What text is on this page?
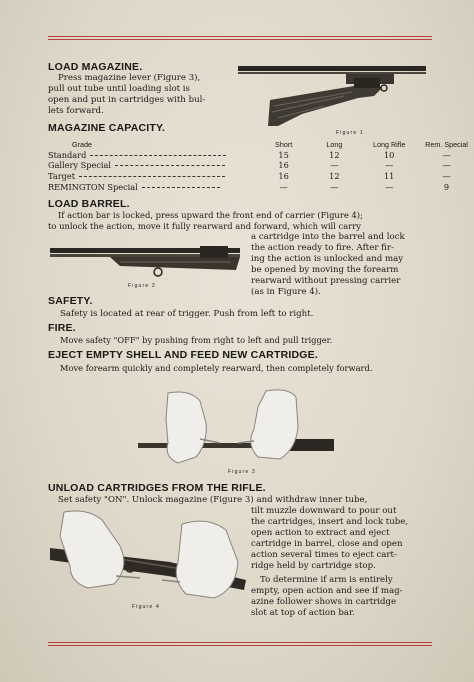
LOAD MAGAZINE.
Press magazine lever (Figure 3),
pull out tube until loading slot is
open and put in cartridges with bul-
lets forward.
Figure 1
MAGAZINE CAPACITY.
Grade	Short	Long	Long Rifle	Rem. Special
Standard	15	12	10	—
Gallery Special	16	—	—	—
Target	16	12	11	—
REMINGTON Special	—	—	—	9
LOAD BARREL.
If action bar is locked, press upward the front end of carrier (Figure 4);
to unlock the action, move it fully rearward and forward, which will carry
a cartridge into the barrel and lock
the action ready to fire. After fir-
ing the action is unlocked and may
be opened by moving the forearm
rearward without pressing carrier
(as in Figure 4).
Figure 2
SAFETY.
Safety is located at rear of trigger. Push from left to right.
FIRE.
Move safety "OFF" by pushing from right to left and pull trigger.
EJECT EMPTY SHELL AND FEED NEW CARTRIDGE.
Move forearm quickly and completely rearward, then completely forward.
Figure 3
UNLOAD CARTRIDGES FROM THE RIFLE.
Set safety "ON". Unlock magazine (Figure 3) and withdraw inner tube,
tilt muzzle downward to pour out
the cartridges, insert and lock tube,
open action to extract and eject
cartridge in barrel, close and open
action several times to eject cart-
ridge held by cartridge stop.
To determine if arm is entirely
empty, open action and see if mag-
azine follower shows in cartridge
slot at top of action bar.
Figure 4
